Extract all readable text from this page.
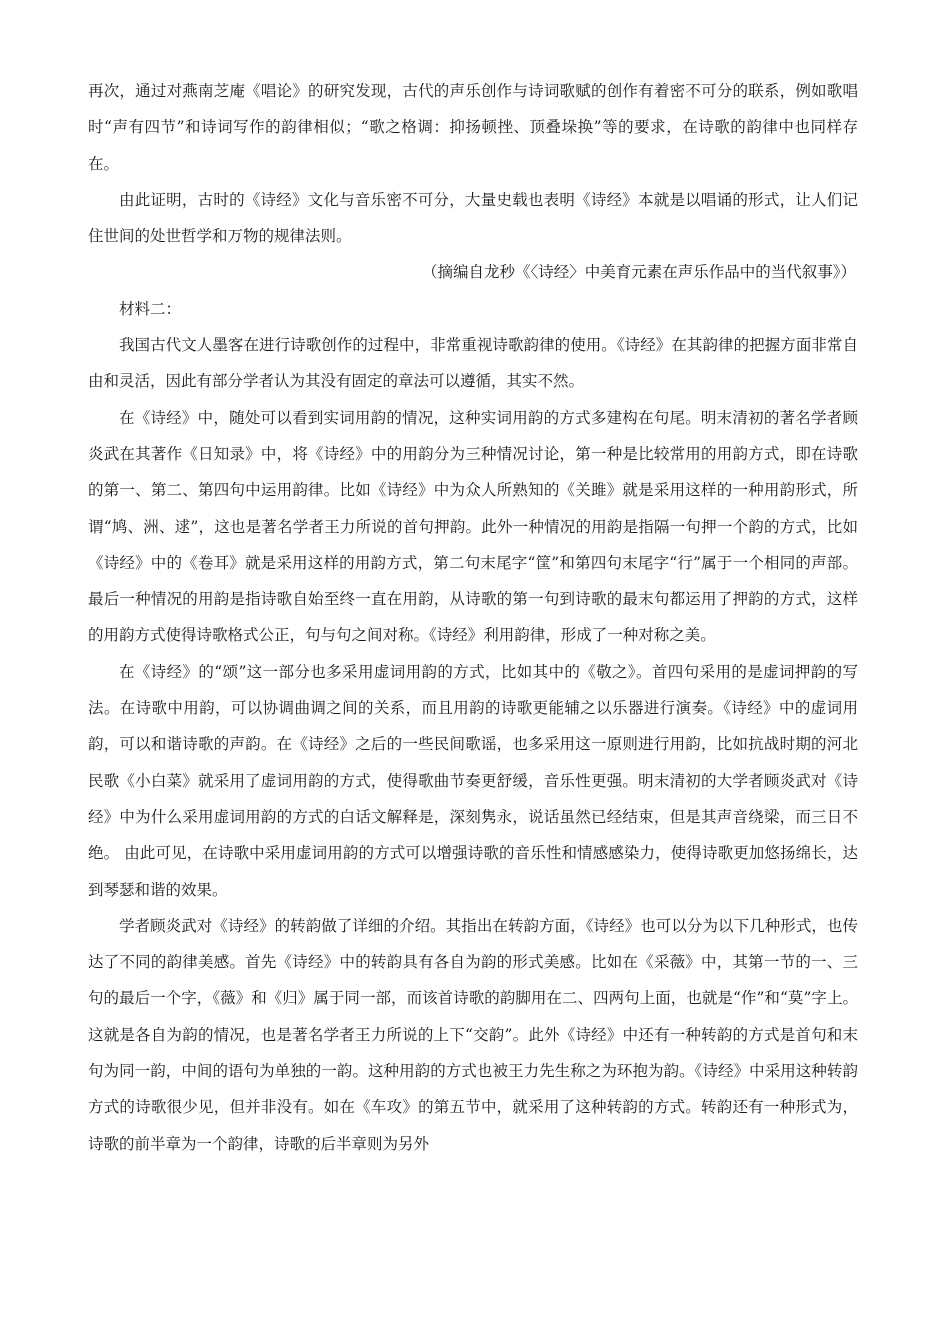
再次，通过对燕南芝庵《唱论》的研究发现，古代的声乐创作与诗词歌赋的创作有着密不可分的联系，例如歌唱时“声有四节”和诗词写作的韵律相似；“歌之格调：抑扬顿挫、顶叠垛换”等的要求，在诗歌的韵律中也同样存在。

由此证明，古时的《诗经》文化与音乐密不可分，大量史载也表明《诗经》本就是以唱诵的形式，让人们记住世间的处世哲学和万物的规律法则。

（摘编自龙秒《〈诗经〉中美育元素在声乐作品中的当代叙事》）

材料二：

我国古代文人墨客在进行诗歌创作的过程中，非常重视诗歌韵律的使用。《诗经》在其韵律的把握方面非常自由和灵活，因此有部分学者认为其没有固定的章法可以遵循，其实不然。

在《诗经》中，随处可以看到实词用韵的情况，这种实词用韵的方式多建构在句尾。明末清初的著名学者顾炎武在其著作《日知录》中，将《诗经》中的用韵分为三种情况讨论，第一种是比较常用的用韵方式，即在诗歌的第一、第二、第四句中运用韵律。比如《诗经》中为众人所熟知的《关雎》就是采用这样的一种用韵形式，所谓“鸠、洲、逑”，这也是著名学者王力所说的首句押韵。此外一种情况的用韵是指隔一句押一个韵的方式，比如《诗经》中的《卷耳》就是采用这样的用韵方式，第二句末尾字“筐”和第四句末尾字“行”属于一个相同的声部。最后一种情况的用韵是指诗歌自始至终一直在用韵，从诗歌的第一句到诗歌的最末句都运用了押韵的方式，这样的用韵方式使得诗歌格式公正，句与句之间对称。《诗经》利用韵律，形成了一种对称之美。

在《诗经》的“颂”这一部分也多采用虚词用韵的方式，比如其中的《敬之》。首四句采用的是虚词押韵的写法。在诗歌中用韵，可以协调曲调之间的关系，而且用韵的诗歌更能辅之以乐器进行演奏。《诗经》中的虚词用韵，可以和谐诗歌的声韵。在《诗经》之后的一些民间歌谣，也多采用这一原则进行用韵，比如抗战时期的河北民歌《小白菜》就采用了虚词用韵的方式，使得歌曲节奏更舒缓，音乐性更强。明末清初的大学者顾炎武对《诗经》中为什么采用虚词用韵的方式的白话文解释是，深刻隽永，说话虽然已经结束，但是其声音绕梁，而三日不绝。 由此可见，在诗歌中采用虚词用韵的方式可以增强诗歌的音乐性和情感感染力，使得诗歌更加悠扬绵长，达到琴瑟和谐的效果。

学者顾炎武对《诗经》的转韵做了详细的介绍。其指出在转韵方面，《诗经》也可以分为以下几种形式，也传达了不同的韵律美感。首先《诗经》中的转韵具有各自为韵的形式美感。比如在《采薇》中，其第一节的一、三句的最后一个字，《薇》和《归》属于同一部，而该首诗歌的韵脚用在二、四两句上面，也就是“作”和“莫”字上。这就是各自为韵的情况，也是著名学者王力所说的上下“交韵”。此外《诗经》中还有一种转韵的方式是首句和末句为同一韵，中间的语句为单独的一韵。这种用韵的方式也被王力先生称之为环抱为韵。《诗经》中采用这种转韵方式的诗歌很少见，但并非没有。如在《车攻》的第五节中，就采用了这种转韵的方式。转韵还有一种形式为，诗歌的前半章为一个韵律，诗歌的后半章则为另外
